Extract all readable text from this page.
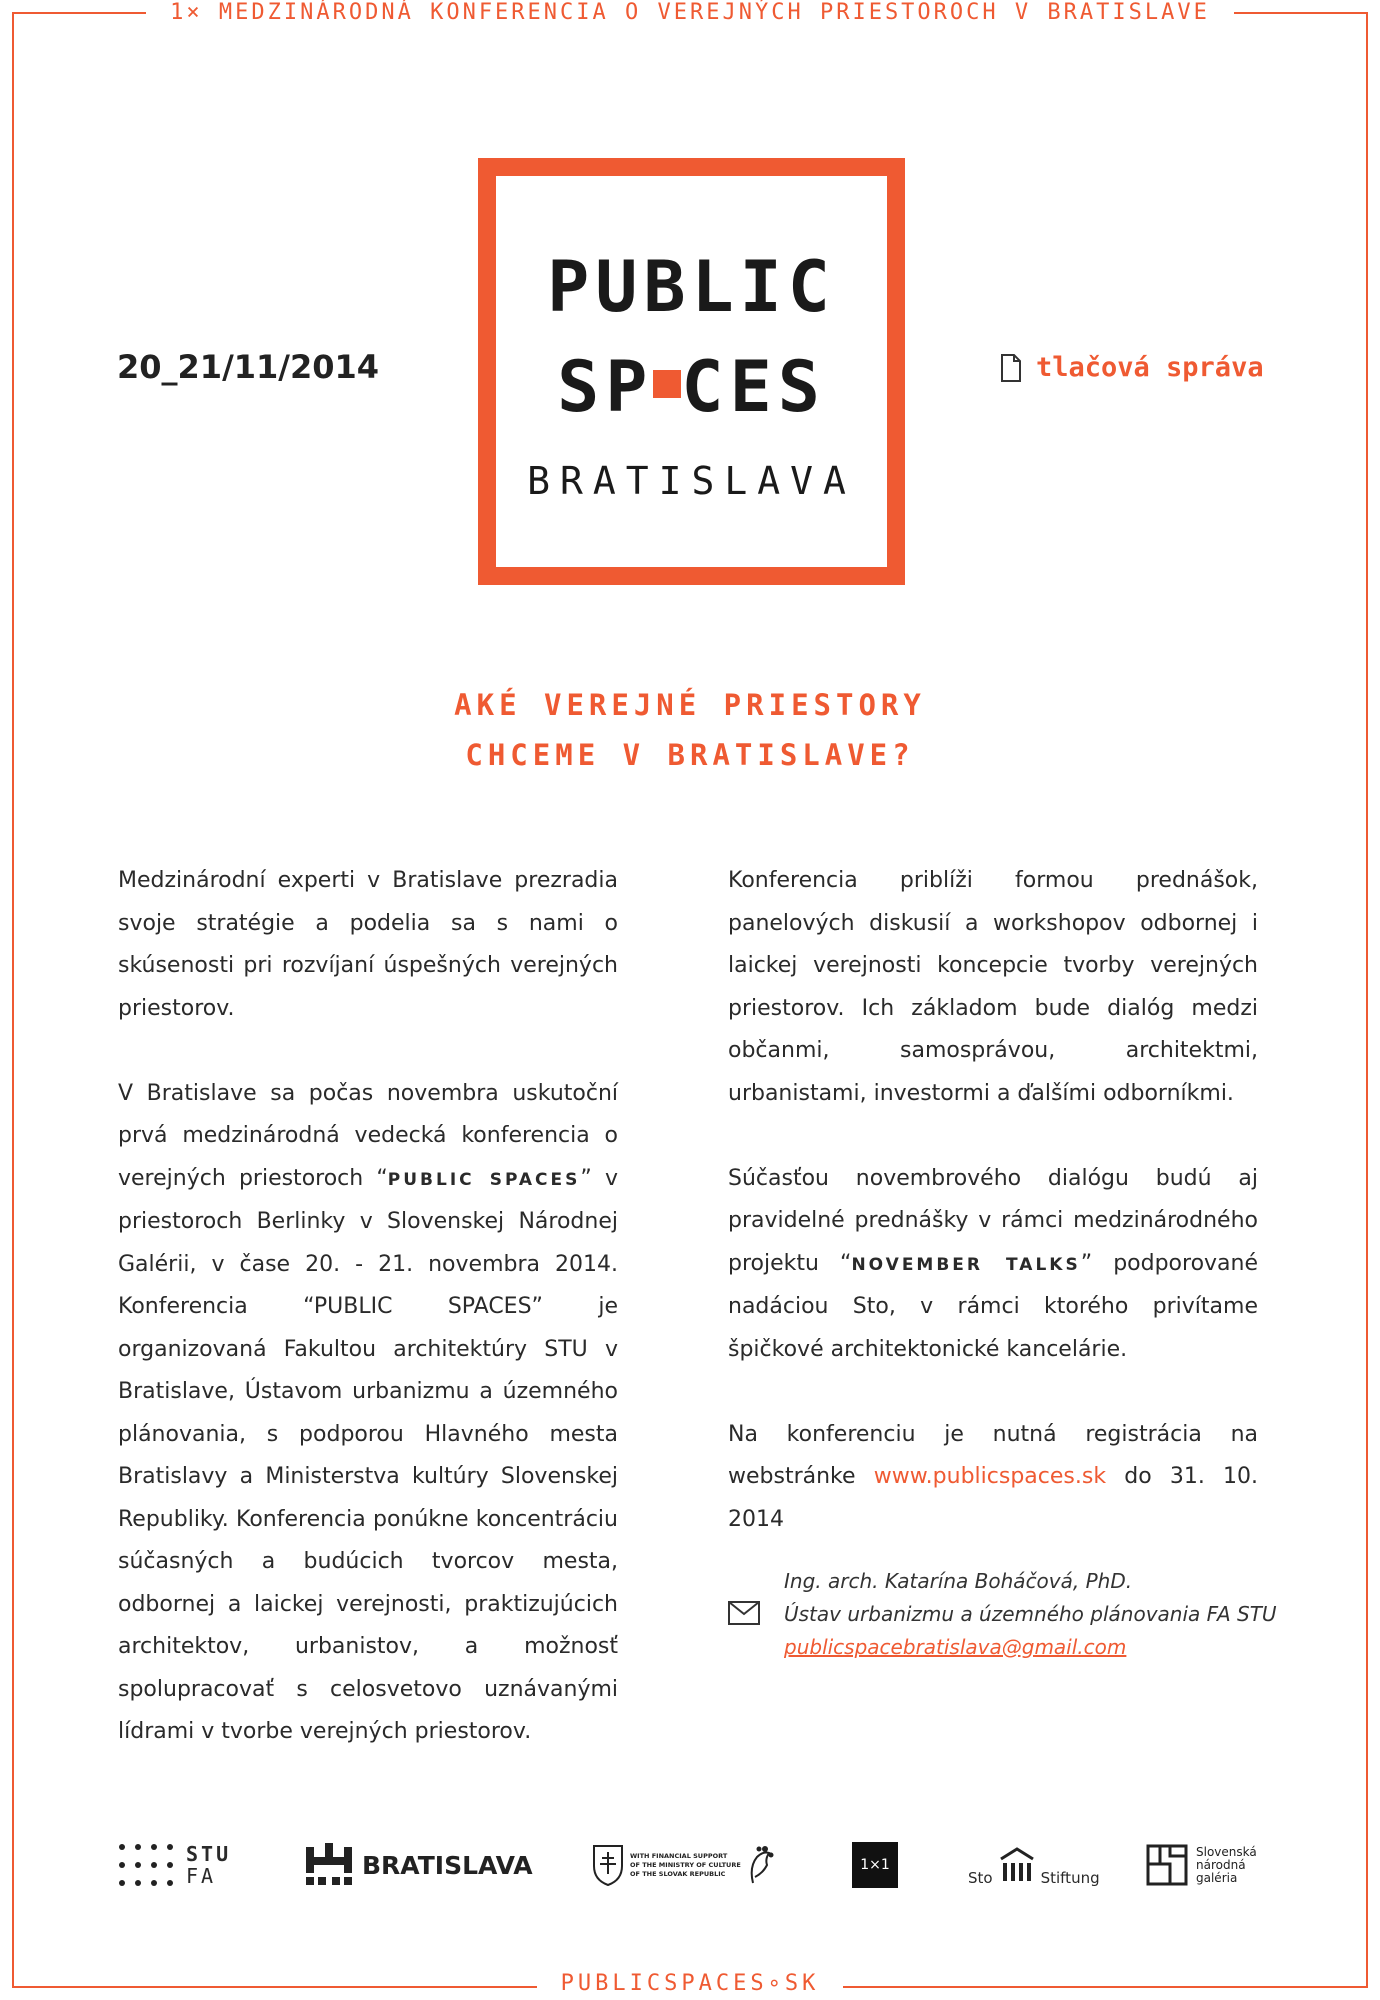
1× MEDZINÁRODNÁ KONFERENCIA O VEREJNÝCH PRIESTOROCH V BRATISLAVE
20_21/11/2014
PUBLIC
SP CES
BRATISLAVA
tlačová správa
AKÉ VEREJNÉ PRIESTORY
CHCEME V BRATISLAVE?

Medzinárodní experti v Bratislave prezradia svoje stratégie a podelia sa s nami o skúsenosti pri rozvíjaní úspešných verejných priestorov.

V Bratislave sa počas novembra uskutoční prvá medzinárodná vedecká konferencia o verejných priestoroch “PUBLIC SPACES” v priestoroch Berlinky v Slovenskej Národnej Galérii, v čase 20. - 21. novembra 2014. Konferencia “PUBLIC SPACES” je organizovaná Fakultou architektúry STU v Bratislave, Ústavom urbanizmu a územného plánovania, s podporou Hlavného mesta Bratislavy a Ministerstva kultúry Slovenskej Republiky. Konferencia ponúkne koncentráciu súčasných a budúcich tvorcov mesta, odbornej a laickej verejnosti, praktizujúcich architektov, urbanistov, a možnosť spolupracovať s celosvetovo uznávanými lídrami v tvorbe verejných priestorov.

Konferencia priblíži formou prednášok, panelových diskusií a workshopov odbornej i laickej verejnosti koncepcie tvorby verejných priestorov. Ich základom bude dialóg medzi občanmi, samosprávou, architektmi, urbanistami, investormi a ďalšími odborníkmi.

Súčasťou novembrového dialógu budú aj pravidelné prednášky v rámci medzinárodného projektu “NOVEMBER TALKS” podporované nadáciou Sto, v rámci ktorého privítame špičkové architektonické kancelárie.

Na konferenciu je nutná registrácia na webstránke www.publicspaces.sk do 31. 10. 2014

Ing. arch. Katarína Boháčová, PhD.
Ústav urbanizmu a územného plánovania FA STU
publicspacebratislava@gmail.com
STU
FA	BRATISLAVA	WITH FINANCIAL SUPPORT
OF THE MINISTRY OF CULTURE
OF THE SLOVAK REPUBLIC
1×1
Sto	Stiftung
Slovenská
národná
galéria
PUBLICSPACES∘SK
